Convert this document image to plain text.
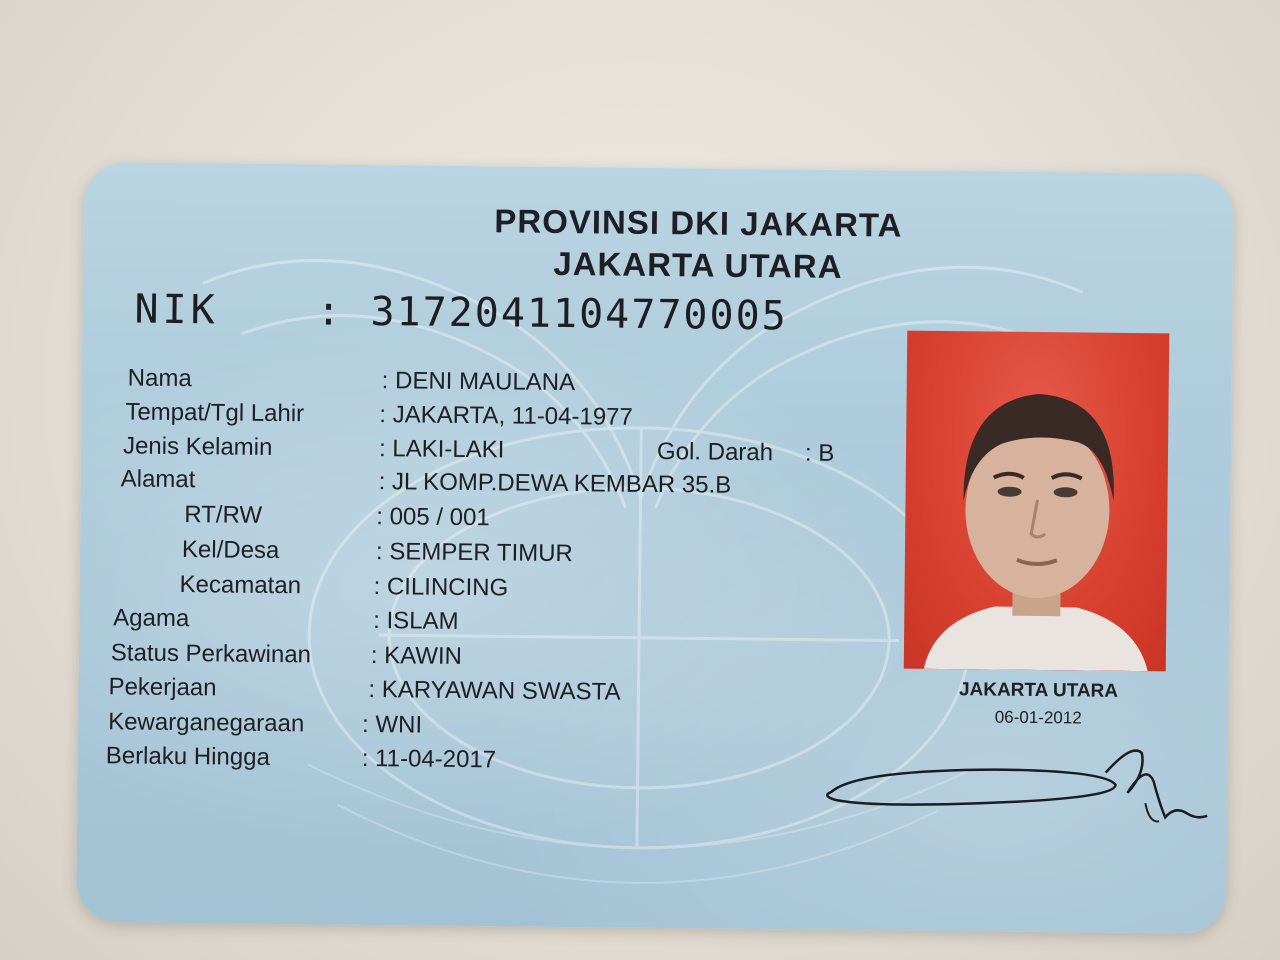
PROVINSI DKI JAKARTA
JAKARTA UTARA
NIK : 3172041104770005
Nama	: DENI MAULANA
Tempat/Tgl Lahir	: JAKARTA, 11-04-1977
Jenis Kelamin	: LAKI-LAKI	Gol. Darah : B
Alamat	: JL KOMP.DEWA KEMBAR 35.B
RT/RW	: 005 / 001
Kel/Desa	: SEMPER TIMUR
Kecamatan	: CILINCING
Agama	: ISLAM
Status Perkawinan : KAWIN
Pekerjaan	: KARYAWAN SWASTA
Kewarganegaraan : WNI
Berlaku Hingga	: 11-04-2017
JAKARTA UTARA
06-01-2012
